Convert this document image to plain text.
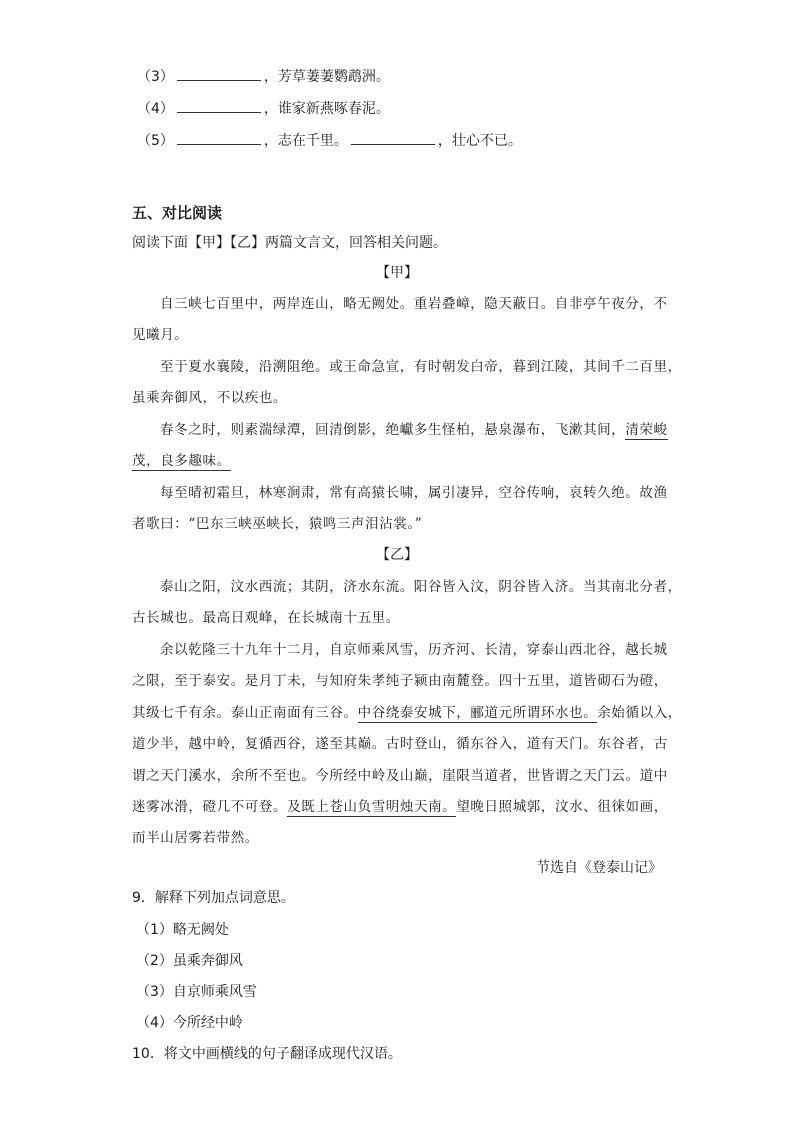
（3）	，芳草萋萋鹦鹉洲。
（4）	，谁家新燕啄春泥。
（5）	，志在千里。	，壮心不已。
五、对比阅读
阅读下面【甲】【乙】两篇文言文，回答相关问题。
【甲】
自三峡七百里中，两岸连山，略无阙处。重岩叠嶂，隐天蔽日。自非亭午夜分，不
见曦月。
至于夏水襄陵，沿溯阻绝。或王命急宣，有时朝发白帝，暮到江陵，其间千二百里，
虽乘奔御风，不以疾也。
春冬之时，则素湍绿潭，回清倒影，绝巘多生怪柏，悬泉瀑布，飞漱其间，清荣峻
茂，良多趣味。
每至晴初霜旦，林寒涧肃，常有高猿长啸，属引凄异，空谷传响，哀转久绝。故渔
者歌曰：“巴东三峡巫峡长，猿鸣三声泪沾裳。”
【乙】
泰山之阳，汶水西流；其阴，济水东流。阳谷皆入汶，阴谷皆入济。当其南北分者，
古长城也。最高日观峰，在长城南十五里。
余以乾隆三十九年十二月，自京师乘风雪，历齐河、长清，穿泰山西北谷，越长城
之限，至于泰安。是月丁未，与知府朱孝纯子颍由南麓登。四十五里，道皆砌石为磴，
其级七千有余。泰山正南面有三谷。中谷绕泰安城下，郦道元所谓环水也。余始循以入，
道少半，越中岭，复循西谷，遂至其巅。古时登山，循东谷入，道有天门。东谷者，古
谓之天门溪水，余所不至也。今所经中岭及山巅，崖限当道者，世皆谓之天门云。道中
迷雾冰滑，磴几不可登。及既上苍山负雪明烛天南。望晚日照城郭，汶水、徂徕如画，
而半山居雾若带然。
节选自《登泰山记》
9．解释下列加点词意思。
（1）略无阙处
（2）虽乘奔御风
（3）自京师乘风雪
（4）今所经中岭
10．将文中画横线的句子翻译成现代汉语。
